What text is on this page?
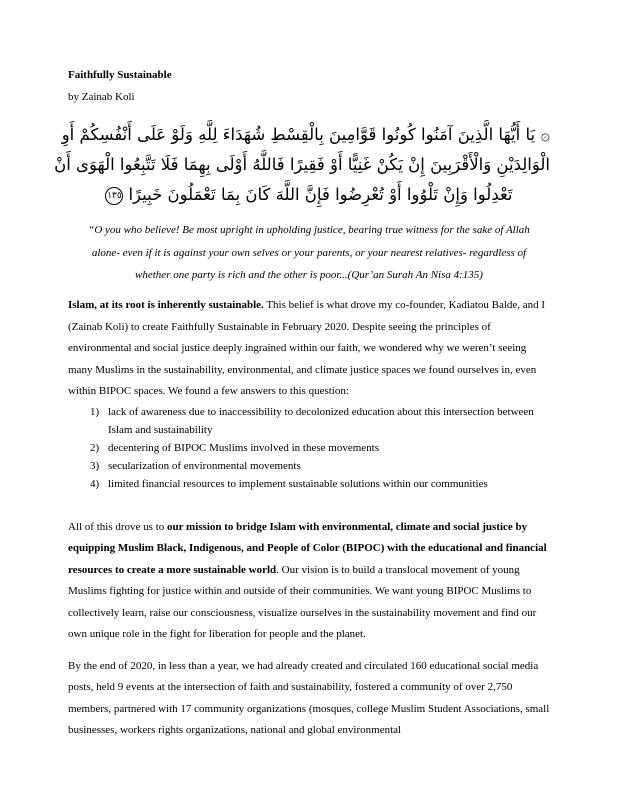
Faithfully Sustainable

by Zainab Koli

۞ يَا أَيُّهَا الَّذِينَ آمَنُوا كُونُوا قَوَّامِينَ بِالْقِسْطِ شُهَدَاءَ لِلَّهِ وَلَوْ عَلَى أَنْفُسِكُمْ أَوِ
الْوَالِدَيْنِ وَالْأَقْرَبِينَ إِنْ يَكُنْ غَنِيًّا أَوْ فَقِيرًا فَاللَّهُ أَوْلَى بِهِمَا فَلَا تَتَّبِعُوا الْهَوَى أَنْ
تَعْدِلُوا وَإِنْ تَلْوُوا أَوْ تُعْرِضُوا فَإِنَّ اللَّهَ كَانَ بِمَا تَعْمَلُونَ خَبِيرًا١٣٥
“O you who believe! Be most upright in upholding justice, bearing true witness for the sake of Allah
alone- even if it is against your own selves or your parents, or your nearest relatives- regardless of
whether one party is rich and the other is poor...(Qur’an Surah An Nisa 4:135)

Islam, at its root is inherently sustainable. This belief is what drove my co-founder, Kadiatou Balde, and I (Zainab Koli) to create Faithfully Sustainable in February 2020. Despite seeing the principles of environmental and social justice deeply ingrained within our faith, we wondered why we weren’t seeing many Muslims in the sustainability, environmental, and climate justice spaces we found ourselves in, even within BIPOC spaces. We found a few answers to this question:

1) lack of awareness due to inaccessibility to decolonized education about this intersection between Islam and sustainability
2) decentering of BIPOC Muslims involved in these movements
3) secularization of environmental movements
4) limited financial resources to implement sustainable solutions within our communities

All of this drove us to our mission to bridge Islam with environmental, climate and social justice by equipping Muslim Black, Indigenous, and People of Color (BIPOC) with the educational and financial resources to create a more sustainable world. Our vision is to build a translocal movement of young Muslims fighting for justice within and outside of their communities. We want young BIPOC Muslims to collectively learn, raise our consciousness, visualize ourselves in the sustainability movement and find our own unique role in the fight for liberation for people and the planet.

By the end of 2020, in less than a year, we had already created and circulated 160 educational social media posts, held 9 events at the intersection of faith and sustainability, fostered a community of over 2,750 members, partnered with 17 community organizations (mosques, college Muslim Student Associations, small businesses, workers rights organizations, national and global environmental
